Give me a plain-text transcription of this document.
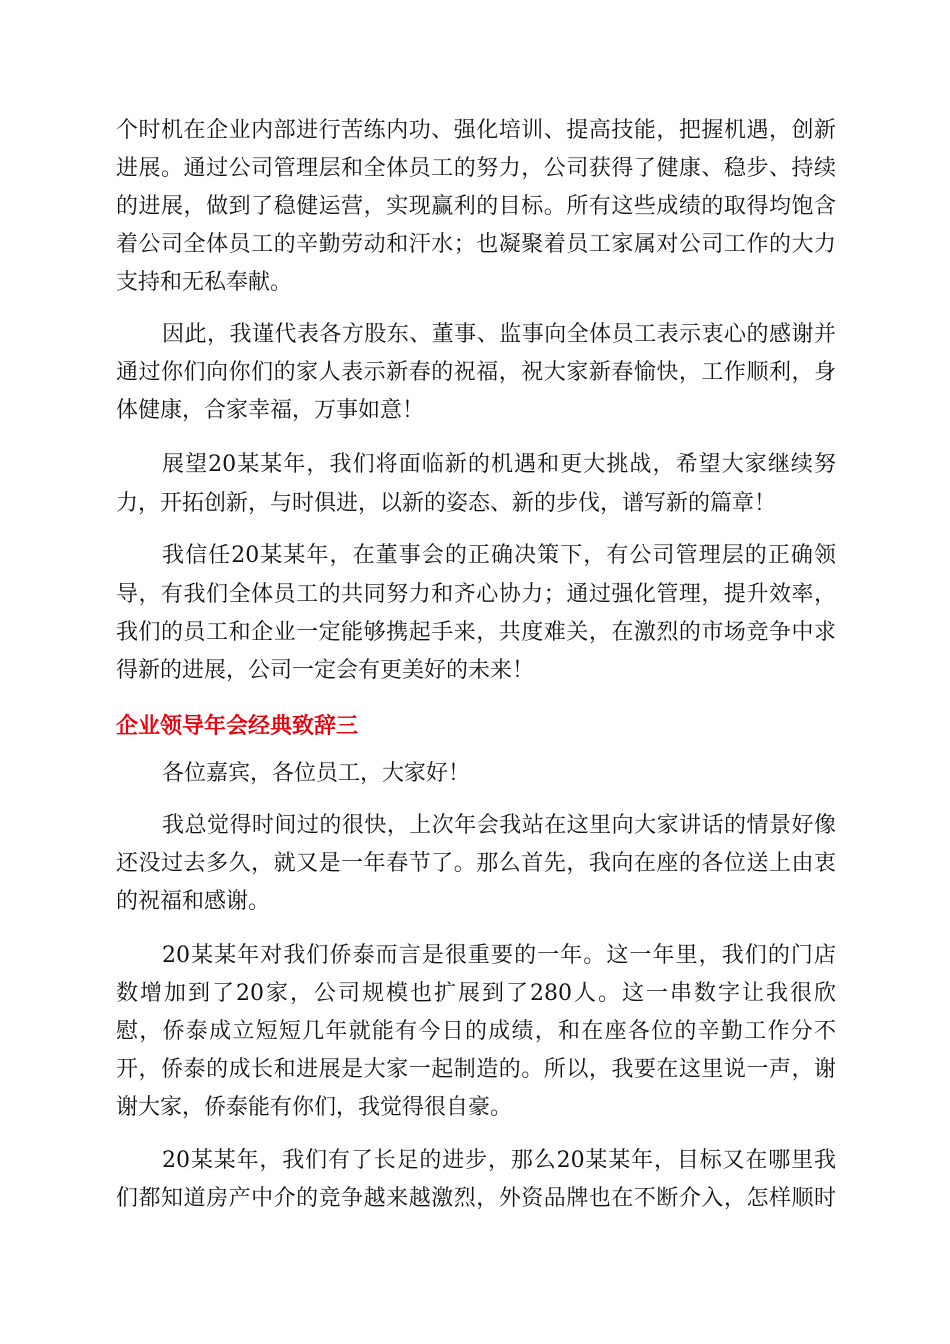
个时机在企业内部进行苦练内功、强化培训、提高技能，把握机遇，创新
进展。通过公司管理层和全体员工的努力，公司获得了健康、稳步、持续
的进展，做到了稳健运营，实现赢利的目标。所有这些成绩的取得均饱含
着公司全体员工的辛勤劳动和汗水；也凝聚着员工家属对公司工作的大力
支持和无私奉献。
因此，我谨代表各方股东、董事、监事向全体员工表示衷心的感谢并
通过你们向你们的家人表示新春的祝福，祝大家新春愉快，工作顺利，身
体健康，合家幸福，万事如意！
展望20某某年，我们将面临新的机遇和更大挑战，希望大家继续努
力，开拓创新，与时俱进，以新的姿态、新的步伐，谱写新的篇章！
我信任20某某年，在董事会的正确决策下，有公司管理层的正确领
导，有我们全体员工的共同努力和齐心协力；通过强化管理，提升效率，
我们的员工和企业一定能够携起手来，共度难关，在激烈的市场竞争中求
得新的进展，公司一定会有更美好的未来！
企业领导年会经典致辞三
各位嘉宾，各位员工，大家好！
我总觉得时间过的很快，上次年会我站在这里向大家讲话的情景好像
还没过去多久，就又是一年春节了。那么首先，我向在座的各位送上由衷
的祝福和感谢。
20某某年对我们侨泰而言是很重要的一年。这一年里，我们的门店
数增加到了20家，公司规模也扩展到了280人。这一串数字让我很欣
慰，侨泰成立短短几年就能有今日的成绩，和在座各位的辛勤工作分不
开，侨泰的成长和进展是大家一起制造的。所以，我要在这里说一声，谢
谢大家，侨泰能有你们，我觉得很自豪。
20某某年，我们有了长足的进步，那么20某某年，目标又在哪里我
们都知道房产中介的竞争越来越激烈，外资品牌也在不断介入，怎样顺时
